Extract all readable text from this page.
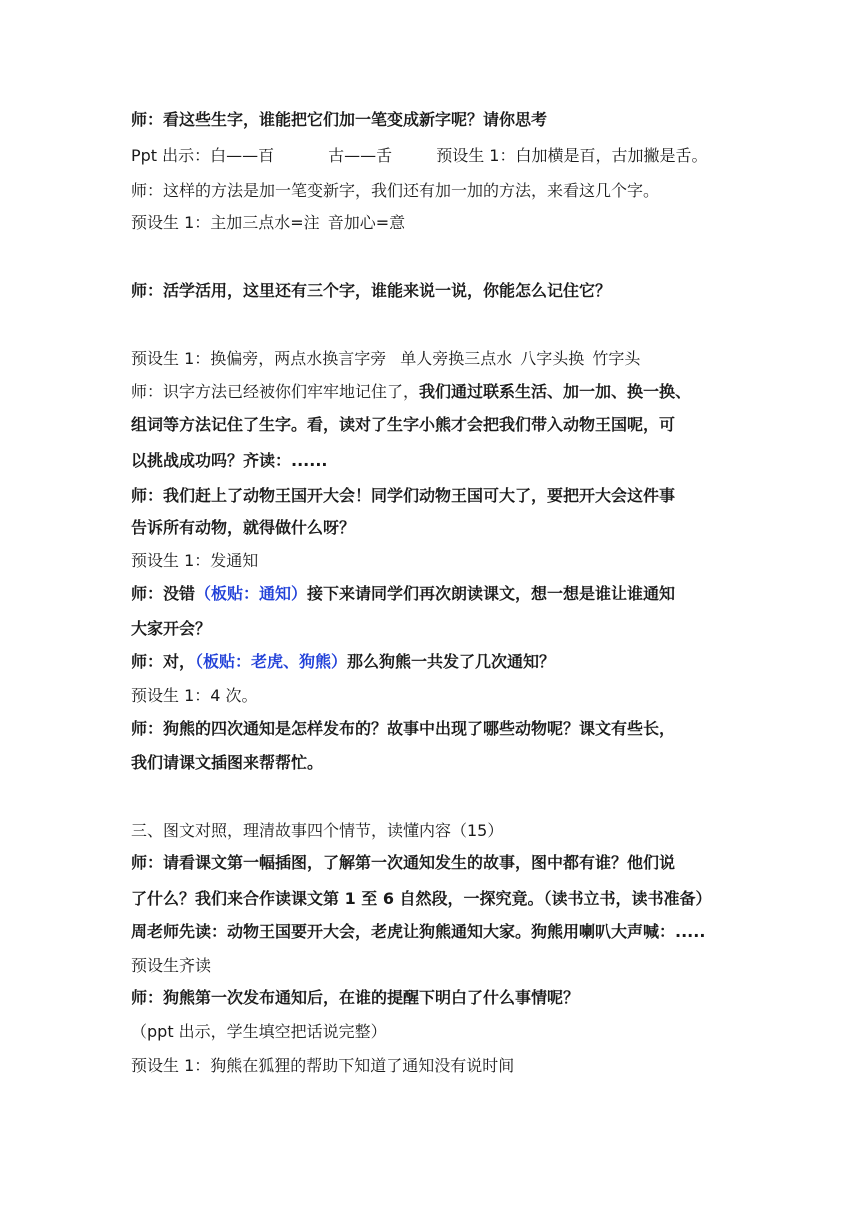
师：看这些生字，谁能把它们加一笔变成新字呢？请你思考
Ppt 出示：白——百	古——舌	预设生 1：白加横是百，古加撇是舌。
师：这样的方法是加一笔变新字，我们还有加一加的方法，来看这几个字。
预设生 1：主加三点水=注 音加心=意
师：活学活用，这里还有三个字，谁能来说一说，你能怎么记住它？
预设生 1：换偏旁，两点水换言字旁 单人旁换三点水 八字头换 竹字头
师：识字方法已经被你们牢牢地记住了，我们通过联系生活、加一加、换一换、
组词等方法记住了生字。看，读对了生字小熊才会把我们带入动物王国呢，可
以挑战成功吗？齐读：......
师：我们赶上了动物王国开大会！同学们动物王国可大了，要把开大会这件事
告诉所有动物，就得做什么呀？
预设生 1：发通知
师：没错（板贴：通知）接下来请同学们再次朗读课文，想一想是谁让谁通知
大家开会？
师：对，（板贴：老虎、狗熊）那么狗熊一共发了几次通知？
预设生 1：4 次。
师：狗熊的四次通知是怎样发布的？故事中出现了哪些动物呢？课文有些长，
我们请课文插图来帮帮忙。
三、图文对照，理清故事四个情节，读懂内容（15）
师：请看课文第一幅插图，了解第一次通知发生的故事，图中都有谁？他们说
了什么？我们来合作读课文第 1 至 6 自然段，一探究竟。（读书立书，读书准备）
周老师先读：动物王国要开大会，老虎让狗熊通知大家。狗熊用喇叭大声喊：.....
预设生齐读
师：狗熊第一次发布通知后，在谁的提醒下明白了什么事情呢？
（ppt 出示，学生填空把话说完整）
预设生 1：狗熊在狐狸的帮助下知道了通知没有说时间
